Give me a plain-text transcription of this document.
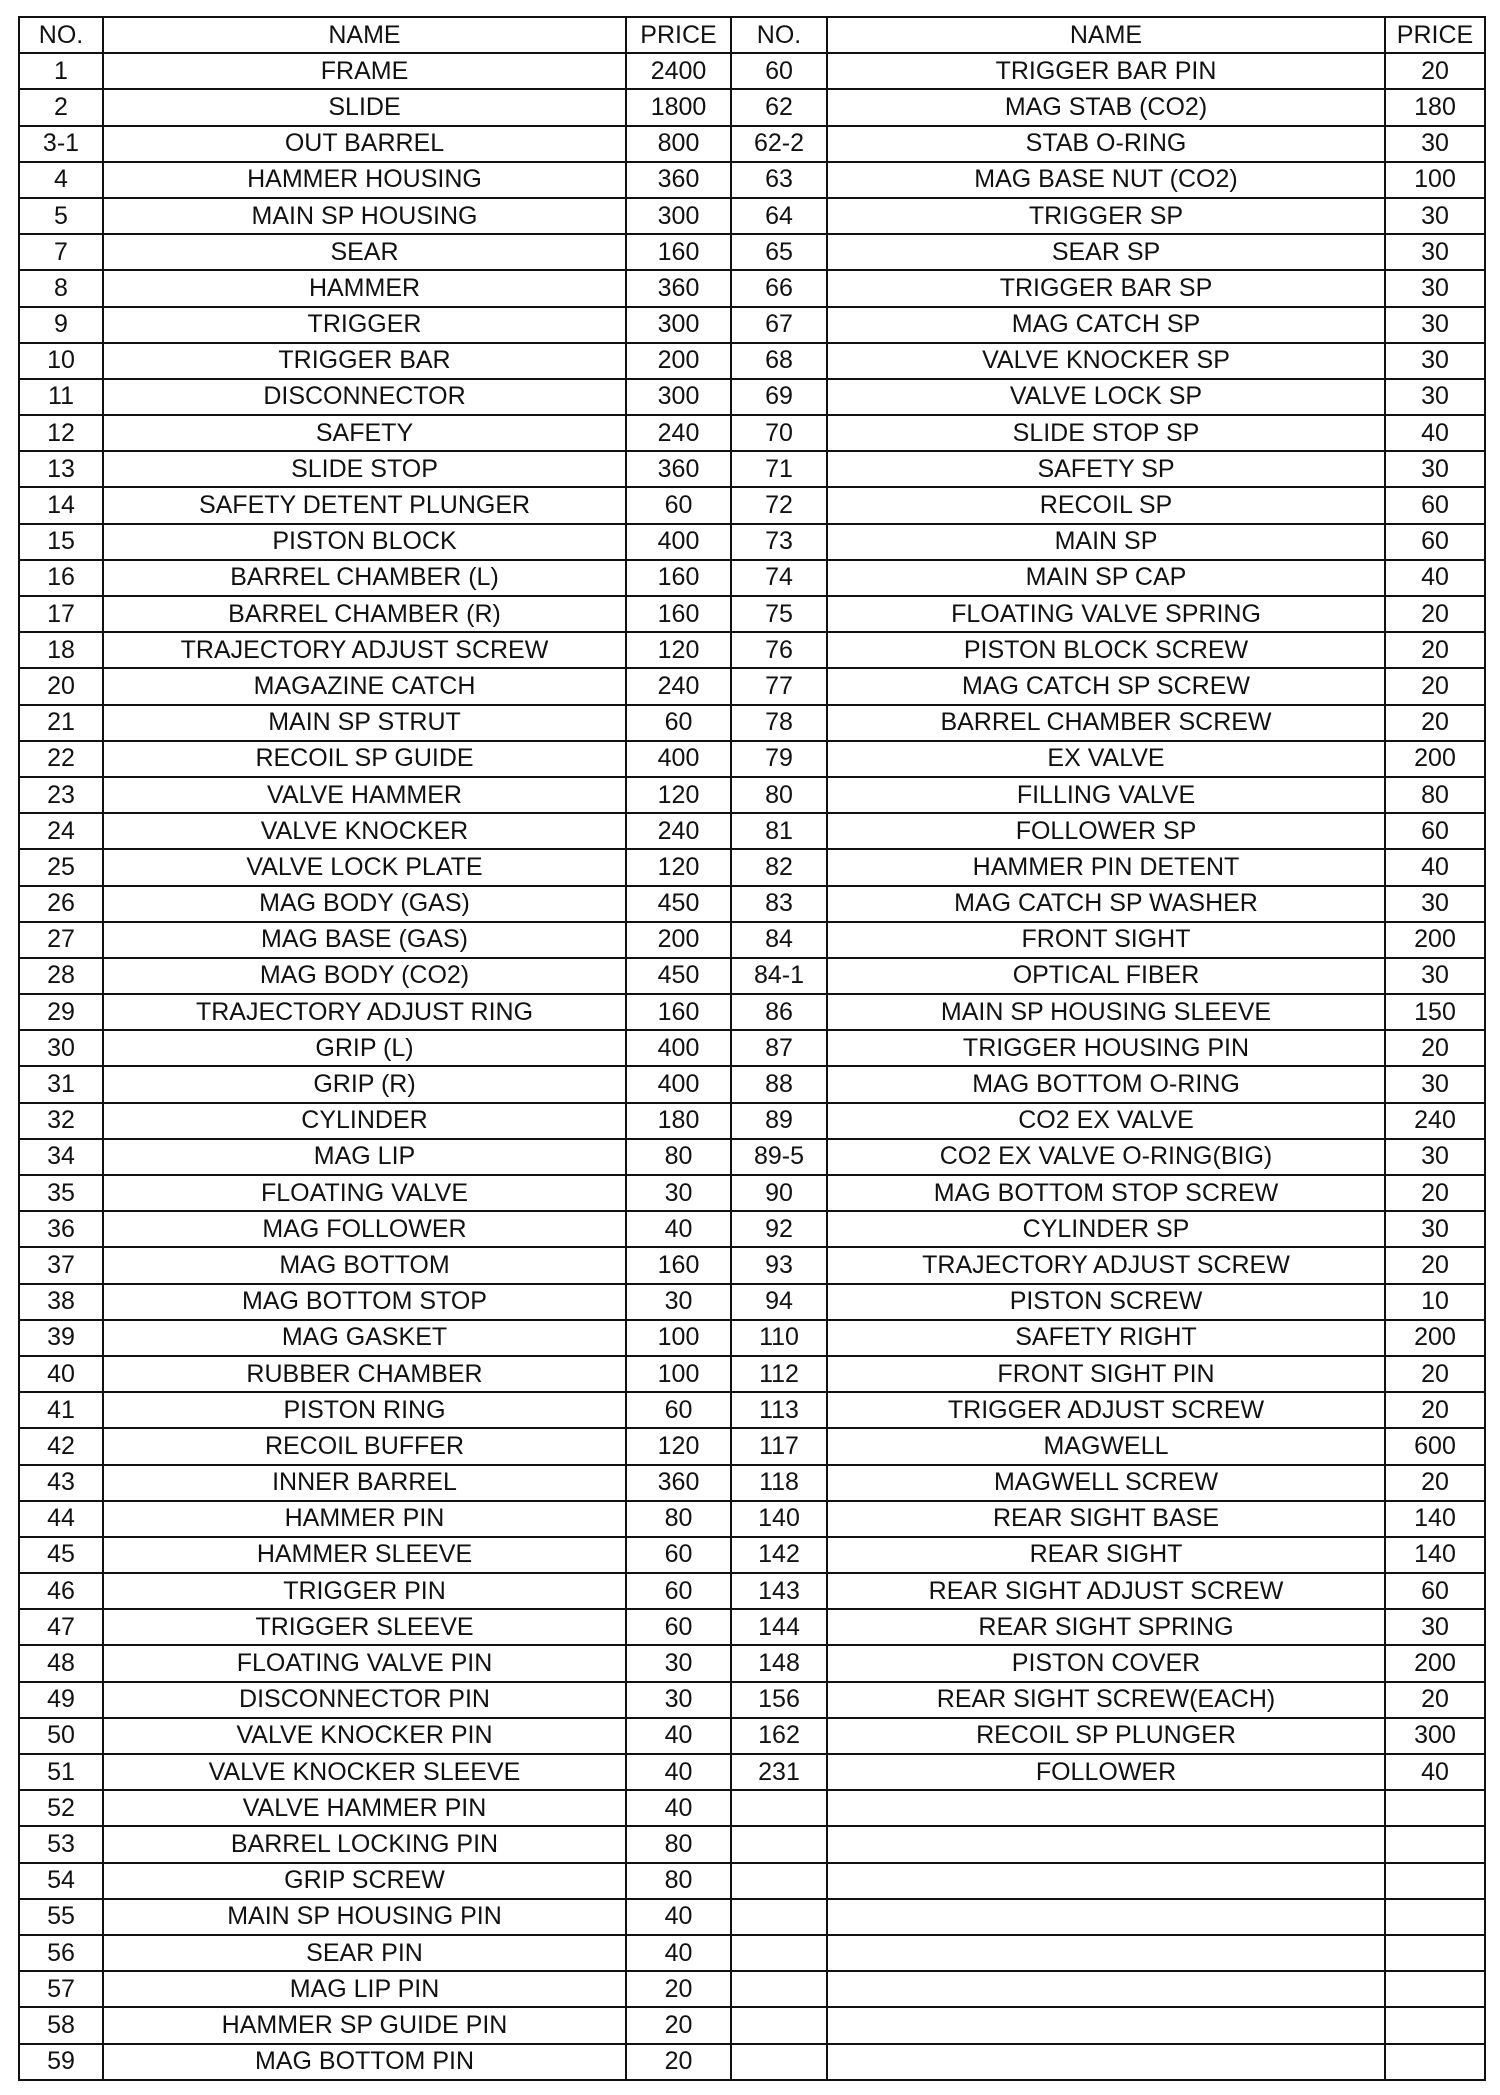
NO.	NAME	PRICE	NO.	NAME	PRICE
1	FRAME	2400	60	TRIGGER BAR PIN	20
2	SLIDE	1800	62	MAG STAB (CO2)	180
3-1	OUT BARREL	800	62-2	STAB O-RING	30
4	HAMMER HOUSING	360	63	MAG BASE NUT (CO2)	100
5	MAIN SP HOUSING	300	64	TRIGGER SP	30
7	SEAR	160	65	SEAR SP	30
8	HAMMER	360	66	TRIGGER BAR SP	30
9	TRIGGER	300	67	MAG CATCH SP	30
10	TRIGGER BAR	200	68	VALVE KNOCKER SP	30
11	DISCONNECTOR	300	69	VALVE LOCK SP	30
12	SAFETY	240	70	SLIDE STOP SP	40
13	SLIDE STOP	360	71	SAFETY SP	30
14	SAFETY DETENT PLUNGER	60	72	RECOIL SP	60
15	PISTON BLOCK	400	73	MAIN SP	60
16	BARREL CHAMBER (L)	160	74	MAIN SP CAP	40
17	BARREL CHAMBER (R)	160	75	FLOATING VALVE SPRING	20
18	TRAJECTORY ADJUST SCREW	120	76	PISTON BLOCK SCREW	20
20	MAGAZINE CATCH	240	77	MAG CATCH SP SCREW	20
21	MAIN SP STRUT	60	78	BARREL CHAMBER SCREW	20
22	RECOIL SP GUIDE	400	79	EX VALVE	200
23	VALVE HAMMER	120	80	FILLING VALVE	80
24	VALVE KNOCKER	240	81	FOLLOWER SP	60
25	VALVE LOCK PLATE	120	82	HAMMER PIN DETENT	40
26	MAG BODY (GAS)	450	83	MAG CATCH SP WASHER	30
27	MAG BASE (GAS)	200	84	FRONT SIGHT	200
28	MAG BODY (CO2)	450	84-1	OPTICAL FIBER	30
29	TRAJECTORY ADJUST RING	160	86	MAIN SP HOUSING SLEEVE	150
30	GRIP (L)	400	87	TRIGGER HOUSING PIN	20
31	GRIP (R)	400	88	MAG BOTTOM O-RING	30
32	CYLINDER	180	89	CO2 EX VALVE	240
34	MAG LIP	80	89-5	CO2 EX VALVE O-RING(BIG)	30
35	FLOATING VALVE	30	90	MAG BOTTOM STOP SCREW	20
36	MAG FOLLOWER	40	92	CYLINDER SP	30
37	MAG BOTTOM	160	93	TRAJECTORY ADJUST SCREW	20
38	MAG BOTTOM STOP	30	94	PISTON SCREW	10
39	MAG GASKET	100	110	SAFETY RIGHT	200
40	RUBBER CHAMBER	100	112	FRONT SIGHT PIN	20
41	PISTON RING	60	113	TRIGGER ADJUST SCREW	20
42	RECOIL BUFFER	120	117	MAGWELL	600
43	INNER BARREL	360	118	MAGWELL SCREW	20
44	HAMMER PIN	80	140	REAR SIGHT BASE	140
45	HAMMER SLEEVE	60	142	REAR SIGHT	140
46	TRIGGER PIN	60	143	REAR SIGHT ADJUST SCREW	60
47	TRIGGER SLEEVE	60	144	REAR SIGHT SPRING	30
48	FLOATING VALVE PIN	30	148	PISTON COVER	200
49	DISCONNECTOR PIN	30	156	REAR SIGHT SCREW(EACH)	20
50	VALVE KNOCKER PIN	40	162	RECOIL SP PLUNGER	300
51	VALVE KNOCKER SLEEVE	40	231	FOLLOWER	40
52	VALVE HAMMER PIN	40			
53	BARREL LOCKING PIN	80			
54	GRIP SCREW	80			
55	MAIN SP HOUSING PIN	40			
56	SEAR PIN	40			
57	MAG LIP PIN	20			
58	HAMMER SP GUIDE PIN	20			
59	MAG BOTTOM PIN	20			
